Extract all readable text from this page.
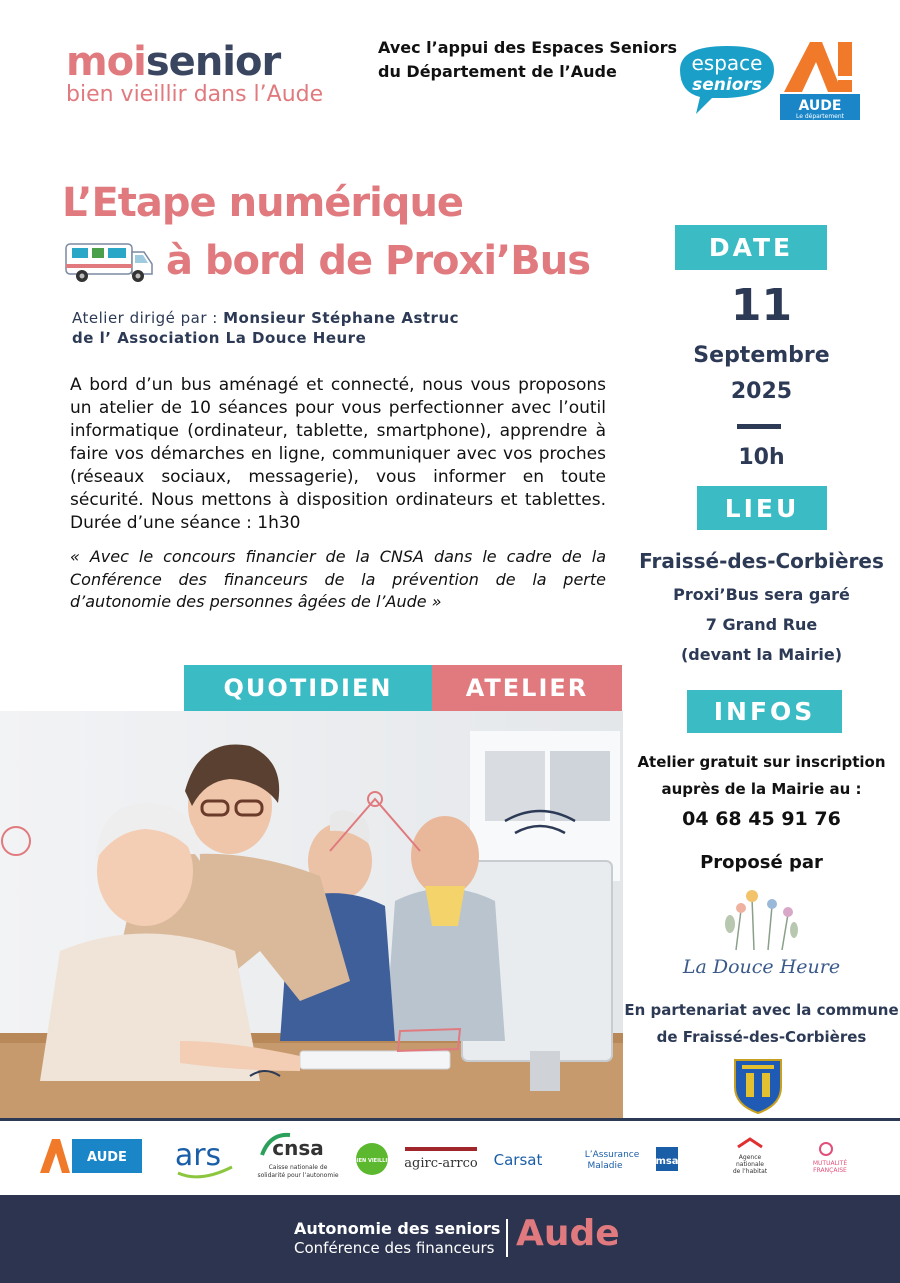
moisenior
bien vieillir dans l’Aude
Avec l’appui des Espaces Seniors
du Département de l’Aude	espace
seniors
AUDE
Le département
L’Etape numérique
à bord de Proxi’Bus
Atelier dirigé par : Monsieur Stéphane Astruc
de l’ Association La Douce Heure
A bord d’un bus aménagé et connecté, nous vous proposons un atelier de 10 séances pour vous perfectionner avec l’outil informatique (ordinateur, tablette, smartphone), apprendre à faire vos démarches en ligne, communiquer avec vos proches (réseaux sociaux, messagerie), vous informer en toute sécurité. Nous mettons à disposition ordinateurs et tablettes. Durée d’une séance : 1h30
« Avec le concours financier de la CNSA dans le cadre de la Conférence des financeurs de la prévention de la perte d’autonomie des personnes âgées de l’Aude »
QUOTIDIEN	ATELIER
DATE
11
Septembre
2025
10h
LIEU
Fraissé-des-Corbières
Proxi’Bus sera garé
7 Grand Rue
(devant la Mairie)
INFOS
Atelier gratuit sur inscription
auprès de la Mairie au :
04 68 45 91 76
Proposé par
La Douce Heure
En partenariat avec la commune
de Fraissé-des-Corbières
AUDE ars	cnsa
Caisse nationale de
solidarité pour l’autonomie
BIEN VIEILLIR agirc-arrco Carsat	L’Assurance
Maladie	msa	Agence
nationale
de l’habitat
MUTUALITÉ
FRANÇAISE
Autonomie des seniors
Conférence des financeurs Aude
